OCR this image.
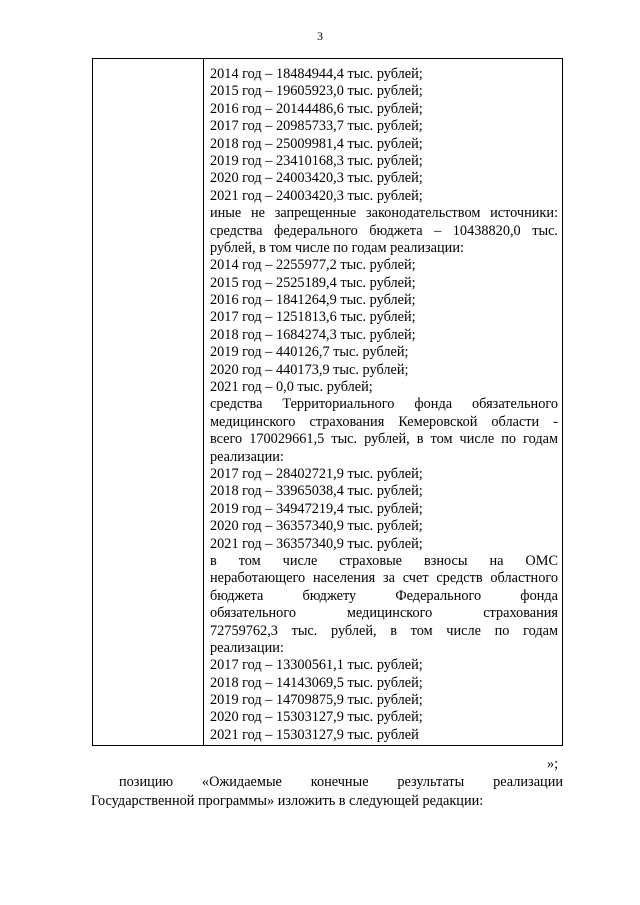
3
2014 год – 18484944,4 тыс. рублей;
2015 год – 19605923,0 тыс. рублей;
2016 год – 20144486,6 тыс. рублей;
2017 год – 20985733,7 тыс. рублей;
2018 год – 25009981,4 тыс. рублей;
2019 год – 23410168,3 тыс. рублей;
2020 год – 24003420,3 тыс. рублей;
2021 год – 24003420,3 тыс. рублей;
иные не запрещенные законодательством источники:
средства федерального бюджета – 10438820,0 тыс.
рублей, в том числе по годам реализации:
2014 год – 2255977,2 тыс. рублей;
2015 год – 2525189,4 тыс. рублей;
2016 год – 1841264,9 тыс. рублей;
2017 год – 1251813,6 тыс. рублей;
2018 год – 1684274,3 тыс. рублей;
2019 год – 440126,7 тыс. рублей;
2020 год – 440173,9 тыс. рублей;
2021 год – 0,0 тыс. рублей;
средства Территориального фонда обязательного
медицинского страхования Кемеровской области -
всего 170029661,5 тыс. рублей, в том числе по годам
реализации:
2017 год – 28402721,9 тыс. рублей;
2018 год – 33965038,4 тыс. рублей;
2019 год – 34947219,4 тыс. рублей;
2020 год – 36357340,9 тыс. рублей;
2021 год – 36357340,9 тыс. рублей;
в том числе страховые взносы на ОМС
неработающего населения за счет средств областного
бюджета бюджету Федерального фонда
обязательного медицинского страхования
72759762,3 тыс. рублей, в том числе по годам
реализации:
2017 год – 13300561,1 тыс. рублей;
2018 год – 14143069,5 тыс. рублей;
2019 год – 14709875,9 тыс. рублей;
2020 год – 15303127,9 тыс. рублей;
2021 год – 15303127,9 тыс. рублей
»;
позицию «Ожидаемые конечные результаты реализации
Государственной программы» изложить в следующей редакции:
